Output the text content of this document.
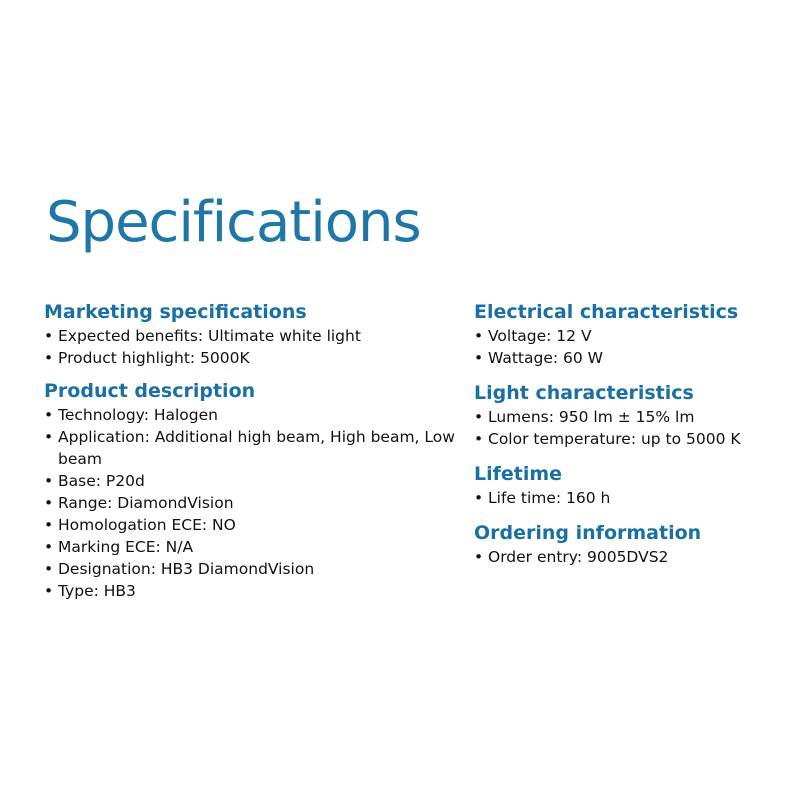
Specifications
Marketing specifications
• Expected benefits: Ultimate white light
• Product highlight: 5000K
Product description
• Technology: Halogen
• Application: Additional high beam, High beam, Low beam
• Base: P20d
• Range: DiamondVision
• Homologation ECE: NO
• Marking ECE: N/A
• Designation: HB3 DiamondVision
• Type: HB3
Electrical characteristics
• Voltage: 12 V
• Wattage: 60 W
Light characteristics
• Lumens: 950 lm ± 15% lm
• Color temperature: up to 5000 K
Lifetime
• Life time: 160 h
Ordering information
• Order entry: 9005DVS2
